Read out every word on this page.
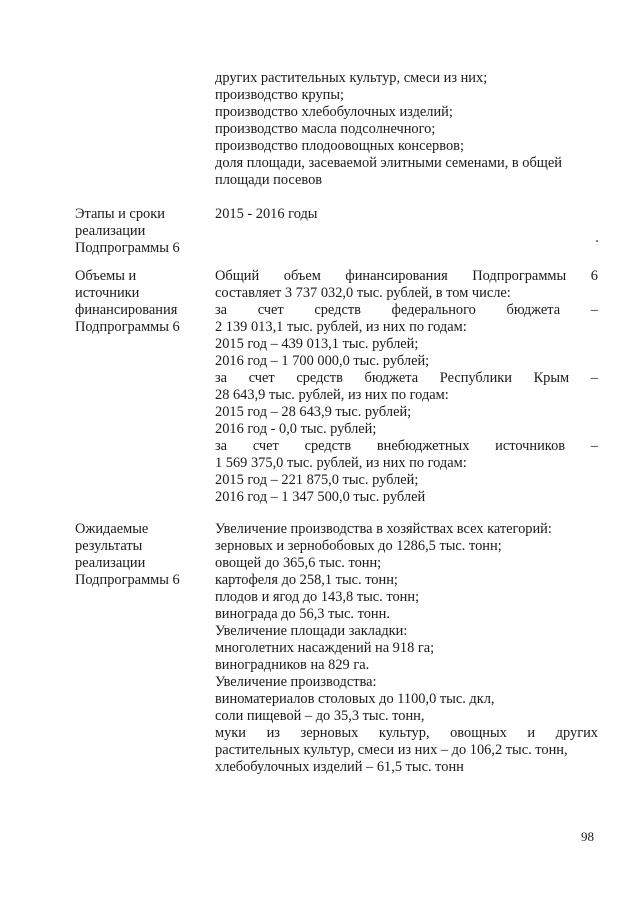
других растительных культур, смеси из них;
производство крупы;
производство хлебобулочных изделий;
производство масла подсолнечного;
производство плодоовощных консервов;
доля площади, засеваемой элитными семенами, в общей
площади посевов
Этапы и сроки
реализации
Подпрограммы 6
2015 - 2016 годы
Объемы и
источники
финансирования
Подпрограммы 6
Общий объем финансирования Подпрограммы 6
составляет 3 737 032,0 тыс. рублей, в том числе:
за счет средств федерального бюджета –
2 139 013,1 тыс. рублей, из них по годам:
2015 год – 439 013,1 тыс. рублей;
2016 год – 1 700 000,0 тыс. рублей;
за счет средств бюджета Республики Крым –
28 643,9 тыс. рублей, из них по годам:
2015 год – 28 643,9 тыс. рублей;
2016 год - 0,0 тыс. рублей;
за счет средств внебюджетных источников –
1 569 375,0 тыс. рублей, из них по годам:
2015 год – 221 875,0 тыс. рублей;
2016 год – 1 347 500,0 тыс. рублей
Ожидаемые
результаты
реализации
Подпрограммы 6
Увеличение производства в хозяйствах всех категорий:
зерновых и зернобобовых до 1286,5 тыс. тонн;
овощей до 365,6 тыс. тонн;
картофеля до 258,1 тыс. тонн;
плодов и ягод до 143,8 тыс. тонн;
винограда до 56,3 тыс. тонн.
Увеличение площади закладки:
многолетних насаждений на 918 га;
виноградников на 829 га.
Увеличение производства:
виноматериалов столовых до 1100,0 тыс. дкл,
соли пищевой – до 35,3 тыс. тонн,
муки из зерновых культур, овощных и других
растительных культур, смеси из них – до 106,2 тыс. тонн,
хлебобулочных изделий – 61,5 тыс. тонн
98
